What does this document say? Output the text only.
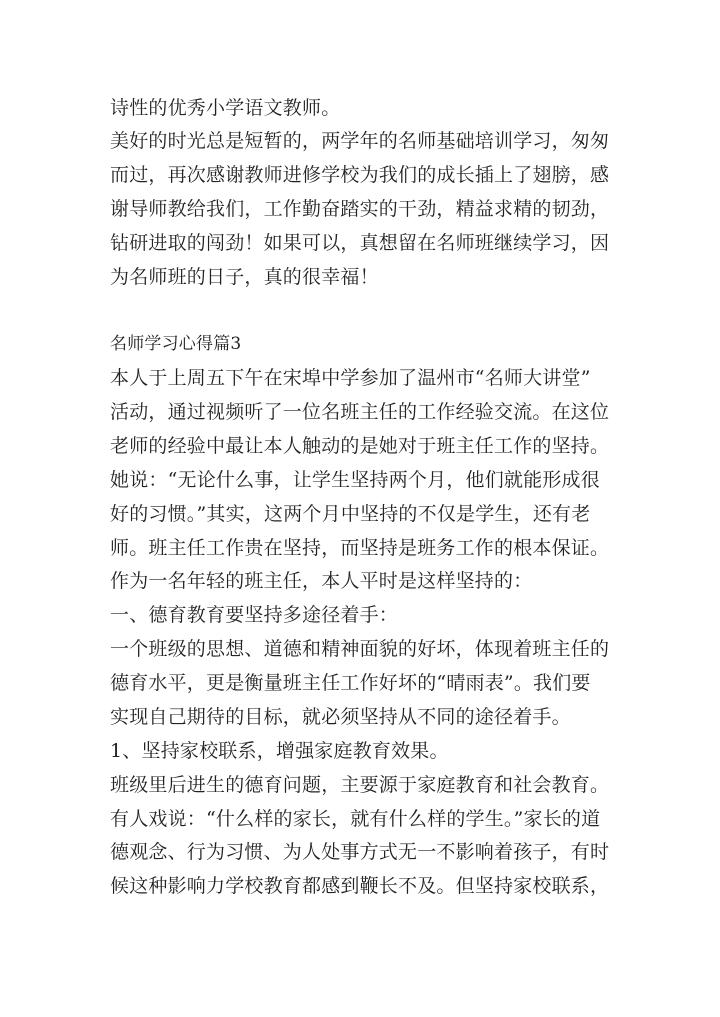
诗性的优秀小学语文教师。
美好的时光总是短暂的，两学年的名师基础培训学习，匆匆
而过，再次感谢教师进修学校为我们的成长插上了翅膀，感
谢导师教给我们，工作勤奋踏实的干劲，精益求精的韧劲，
钻研进取的闯劲！如果可以，真想留在名师班继续学习，因
为名师班的日子，真的很幸福！
名师学习心得篇3
本人于上周五下午在宋埠中学参加了温州市“名师大讲堂”
活动，通过视频听了一位名班主任的工作经验交流。在这位
老师的经验中最让本人触动的是她对于班主任工作的坚持。
她说：“无论什么事，让学生坚持两个月，他们就能形成很
好的习惯。”其实，这两个月中坚持的不仅是学生，还有老
师。班主任工作贵在坚持，而坚持是班务工作的根本保证。
作为一名年轻的班主任，本人平时是这样坚持的：
一、德育教育要坚持多途径着手：
一个班级的思想、道德和精神面貌的好坏，体现着班主任的
德育水平，更是衡量班主任工作好坏的“晴雨表”。我们要
实现自己期待的目标，就必须坚持从不同的途径着手。
1、坚持家校联系，增强家庭教育效果。
班级里后进生的德育问题，主要源于家庭教育和社会教育。
有人戏说：“什么样的家长，就有什么样的学生。”家长的道
德观念、行为习惯、为人处事方式无一不影响着孩子，有时
候这种影响力学校教育都感到鞭长不及。但坚持家校联系，
